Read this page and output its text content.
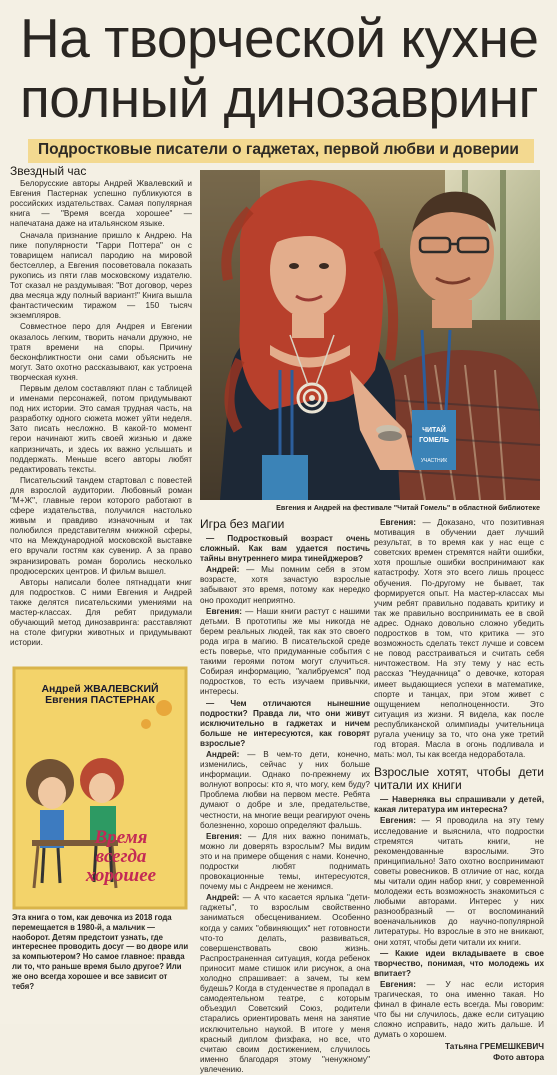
На творческой кухне полный динозавринг
Подростковые писатели о гаджетах, первой любви и доверии
Звездный час

Белорусские авторы Андрей Жвалевский и Евгения Пастернак успешно публикуются в российских издательствах. Самая популярная книга — "Время всегда хорошее" — напечатана даже на итальянском языке.

Сначала признание пришло к Андрею. На пике популярности "Гарри Поттера" он с товарищем написал пародию на мировой бестселлер, а Евгения посоветовала показать рукопись из пяти глав московскому издателю. Тот сказал не раздумывая: "Вот договор, через два месяца жду полный вариант!" Книга вышла фантастическим тиражом — 150 тысяч экземпляров.

Совместное перо для Андрея и Евгении оказалось легким, творить начали дружно, не тратя времени на споры. Причину бесконфликтности они сами объяснить не могут. Зато охотно рассказывают, как устроена творческая кухня.

Первым делом составляют план с таблицей и именами персонажей, потом придумывают под них истории. Это самая трудная часть, на разработку одного сюжета может уйти неделя. Зато писать несложно. В какой-то момент герои начинают жить своей жизнью и даже капризничать, и здесь их важно услышать и поддержать. Меньше всего авторы любят редактировать тексты.

Писательский тандем стартовал с повестей для взрослой аудитории. Любовный роман "М+Ж", главные герои которого работают в сфере издательства, получился настолько живым и правдиво изначочным и так полюбился представителям книжной сферы, что на Международной московской выставке его вручали гостям как сувенир. А за право экранизировать роман боролись несколько продюсерских центров. И фильм вышел.

Авторы написали более пятнадцати книг для подростков. С ними Евгения и Андрей также делятся писательскими умениями на мастер-классах. Для ребят придумали обучающий метод динозавринга: расставляют на столе фигурки животных и придумывают истории.

ЧИТАЙ
ГОМЕЛЬ
УЧАСТНИК
Евгения и Андрей на фестивале "Читай Гомель" в областной библиотеке
Игра без магии

— Подростковый возраст очень сложный. Как вам удается постичь тайны внутреннего мира тинейджеров?

Андрей: — Мы помним себя в этом возрасте, хотя зачастую взрослые забывают это время, потому как нередко оно проходит неприятно.

Евгения: — Наши книги растут с нашими детьми. В прототипы же мы никогда не берем реальных людей, так как это своего рода игра в магию. В писательской среде есть поверье, что придуманные события с такими героями потом могут случиться. Собирая информацию, "калибруемся" под подростков, то есть изучаем привычки, интересы.

— Чем отличаются нынешние подростки? Правда ли, что они живут исключительно в гаджетах и ничем больше не интересуются, как говорят взрослые?

Андрей: — В чем-то дети, конечно, изменились, сейчас у них больше информации. Однако по-прежнему их волнуют вопросы: кто я, что могу, кем буду? Проблема любви на первом месте. Ребята думают о добре и зле, предательстве, честности, на многие вещи реагируют очень болезненно, хорошо определяют фальшь.

Евгения: — Для них важно понимать, можно ли доверять взрослым? Мы видим это и на примере общения с нами. Конечно, подростки любят поднимать провокационные темы, интересуются, почему мы с Андреем не женимся.

Андрей: — А что касается ярлыка "дети-гаджеты", то взрослым свойственно заниматься обесцениванием. Особенно когда у самих "обвиняющих" нет готовности что-то делать, развиваться, совершенствовать свою жизнь. Распространенная ситуация, когда ребенок приносит маме стишок или рисунок, а она холодно спрашивает: а зачем, ты кем будешь? Когда в студенчестве я пропадал в самодеятельном театре, с которым объездил Советский Союз, родители старались ориентировать меня на занятие исключительно наукой. В итоге у меня красный диплом физфака, но все, что считаю своим достижением, случилось именно благодаря этому "ненужному" увлечению.

Евгения: — Доказано, что позитивная мотивация в обучении дает лучший результат, в то время как у нас еще с советских времен стремятся найти ошибки, хотя прошлые ошибки воспринимают как катастрофу. Хотя это всего лишь процесс обучения. По-другому не бывает, так формируется опыт. На мастер-классах мы учим ребят правильно подавать критику и так же правильно воспринимать ее в свой адрес. Однако довольно сложно убедить подростков в том, что критика — это возможность сделать текст лучше и совсем не повод расстраиваться и считать себя ничтожеством. На эту тему у нас есть рассказ "Неудачница" о девочке, которая имеет выдающиеся успехи в математике, спорте и танцах, при этом живет с ощущением неполноценности. Это ситуация из жизни. Я видела, как после республиканской олимпиады учительница ругала ученицу за то, что она уже третий год вторая. Масла в огонь подливала и мать: мол, ты как всегда недоработала.

Взрослые хотят, чтобы дети читали их книги

— Наверняка вы спрашивали у детей, какая литература им интересна?

Евгения: — Я проводила на эту тему исследование и выяснила, что подростки стремятся читать книги, не рекомендованные взрослыми. Это принципиально! Зато охотно воспринимают советы ровесников. В отличие от нас, когда мы читали один набор книг, у современной молодежи есть возможность знакомиться с любыми авторами. Интерес у них разнообразный — от воспоминаний военачальников до научно-популярной литературы. Но взрослые в это не вникают, они хотят, чтобы дети читали их книги.

— Какие идеи вкладываете в свое творчество, понимая, что молодежь их впитает?

Евгения: — У нас если история трагическая, то она именно такая. Но финал в финале есть всегда. Мы говорим: что бы ни случилось, даже если ситуацию сложно исправить, надо жить дальше. И думать о хорошем.

Татьяна ГРЕМЕШКЕВИЧ

Фото автора

Андрей ЖВАЛЕВСКИЙ
Евгения ПАСТЕРНАК
Время
всегда
хорошее
Эта книга о том, как девочка из 2018 года перемещается в 1980-й, а мальчик — наоборот. Детям предстоит узнать, где интереснее проводить досуг — во дворе или за компьютером? Но самое главное: правда ли то, что раньше время было другое? Или же оно всегда хорошее и все зависит от тебя?
